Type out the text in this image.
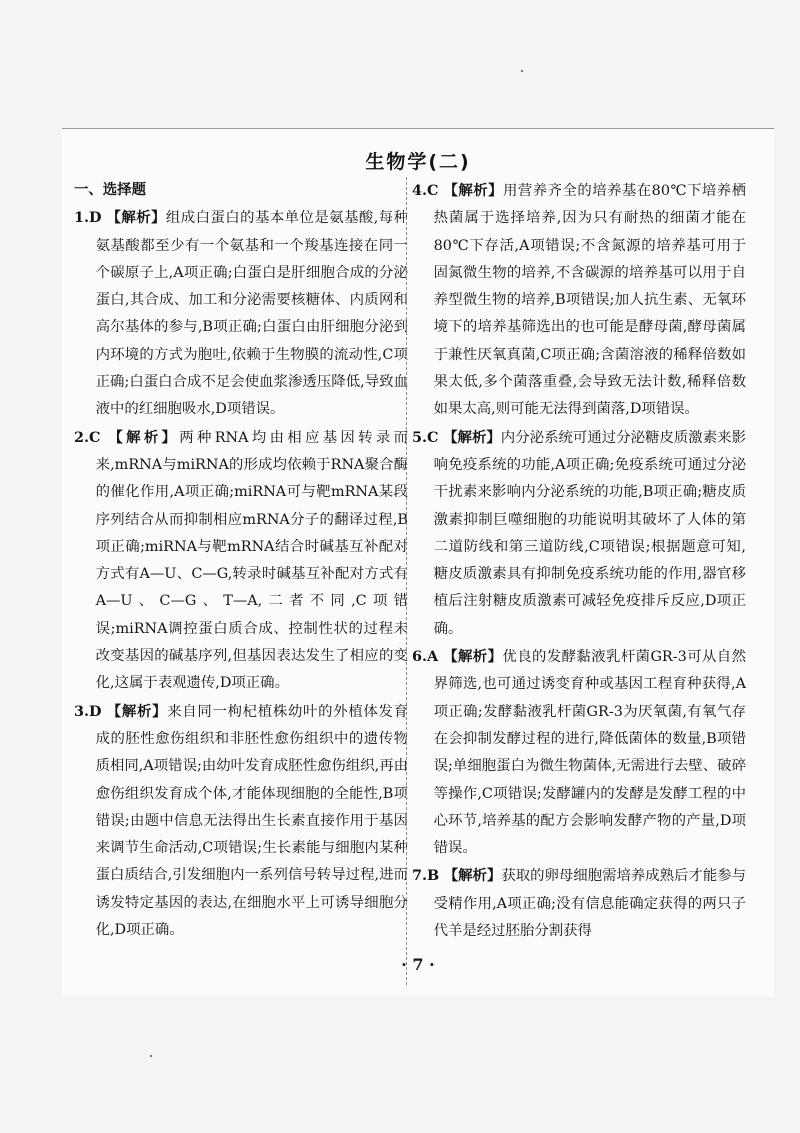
生物学(二)
一、选择题

1.D 【解析】组成白蛋白的基本单位是氨基酸,每种氨基酸都至少有一个氨基和一个羧基连接在同一个碳原子上,A项正确;白蛋白是肝细胞合成的分泌蛋白,其合成、加工和分泌需要核糖体、内质网和高尔基体的参与,B项正确;白蛋白由肝细胞分泌到内环境的方式为胞吐,依赖于生物膜的流动性,C项正确;白蛋白合成不足会使血浆渗透压降低,导致血液中的红细胞吸水,D项错误。

2.C 【解析】两种RNA均由相应基因转录而来,mRNA与miRNA的形成均依赖于RNA聚合酶的催化作用,A项正确;miRNA可与靶mRNA某段序列结合从而抑制相应mRNA分子的翻译过程,B项正确;miRNA与靶mRNA结合时碱基互补配对方式有A—U、C—G,转录时碱基互补配对方式有A—U、C—G、T—A,二者不同,C项错误;miRNA调控蛋白质合成、控制性状的过程未改变基因的碱基序列,但基因表达发生了相应的变化,这属于表观遗传,D项正确。

3.D 【解析】来自同一枸杞植株幼叶的外植体发育成的胚性愈伤组织和非胚性愈伤组织中的遗传物质相同,A项错误;由幼叶发育成胚性愈伤组织,再由愈伤组织发育成个体,才能体现细胞的全能性,B项错误;由题中信息无法得出生长素直接作用于基因来调节生命活动,C项错误;生长素能与细胞内某种蛋白质结合,引发细胞内一系列信号转导过程,进而诱发特定基因的表达,在细胞水平上可诱导细胞分化,D项正确。

4.C 【解析】用营养齐全的培养基在80℃下培养栖热菌属于选择培养,因为只有耐热的细菌才能在80℃下存活,A项错误;不含氮源的培养基可用于固氮微生物的培养,不含碳源的培养基可以用于自养型微生物的培养,B项错误;加人抗生素、无氧环境下的培养基筛选出的也可能是酵母菌,酵母菌属于兼性厌氧真菌,C项正确;含菌溶液的稀释倍数如果太低,多个菌落重叠,会导致无法计数,稀释倍数如果太高,则可能无法得到菌落,D项错误。

5.C 【解析】内分泌系统可通过分泌糖皮质激素来影响免疫系统的功能,A项正确;免疫系统可通过分泌干扰素来影响内分泌系统的功能,B项正确;糖皮质激素抑制巨噬细胞的功能说明其破坏了人体的第二道防线和第三道防线,C项错误;根据题意可知,糖皮质激素具有抑制免疫系统功能的作用,器官移植后注射糖皮质激素可减轻免疫排斥反应,D项正确。

6.A 【解析】优良的发酵黏液乳杆菌GR-3可从自然界筛选,也可通过诱变育种或基因工程育种获得,A项正确;发酵黏液乳杆菌GR-3为厌氧菌,有氧气存在会抑制发酵过程的进行,降低菌体的数量,B项错误;单细胞蛋白为微生物菌体,无需进行去壁、破碎等操作,C项错误;发酵罐内的发酵是发酵工程的中心环节,培养基的配方会影响发酵产物的产量,D项错误。

7.B 【解析】获取的卵母细胞需培养成熟后才能参与受精作用,A项正确;没有信息能确定获得的两只子代羊是经过胚胎分割获得

· 7 ·
